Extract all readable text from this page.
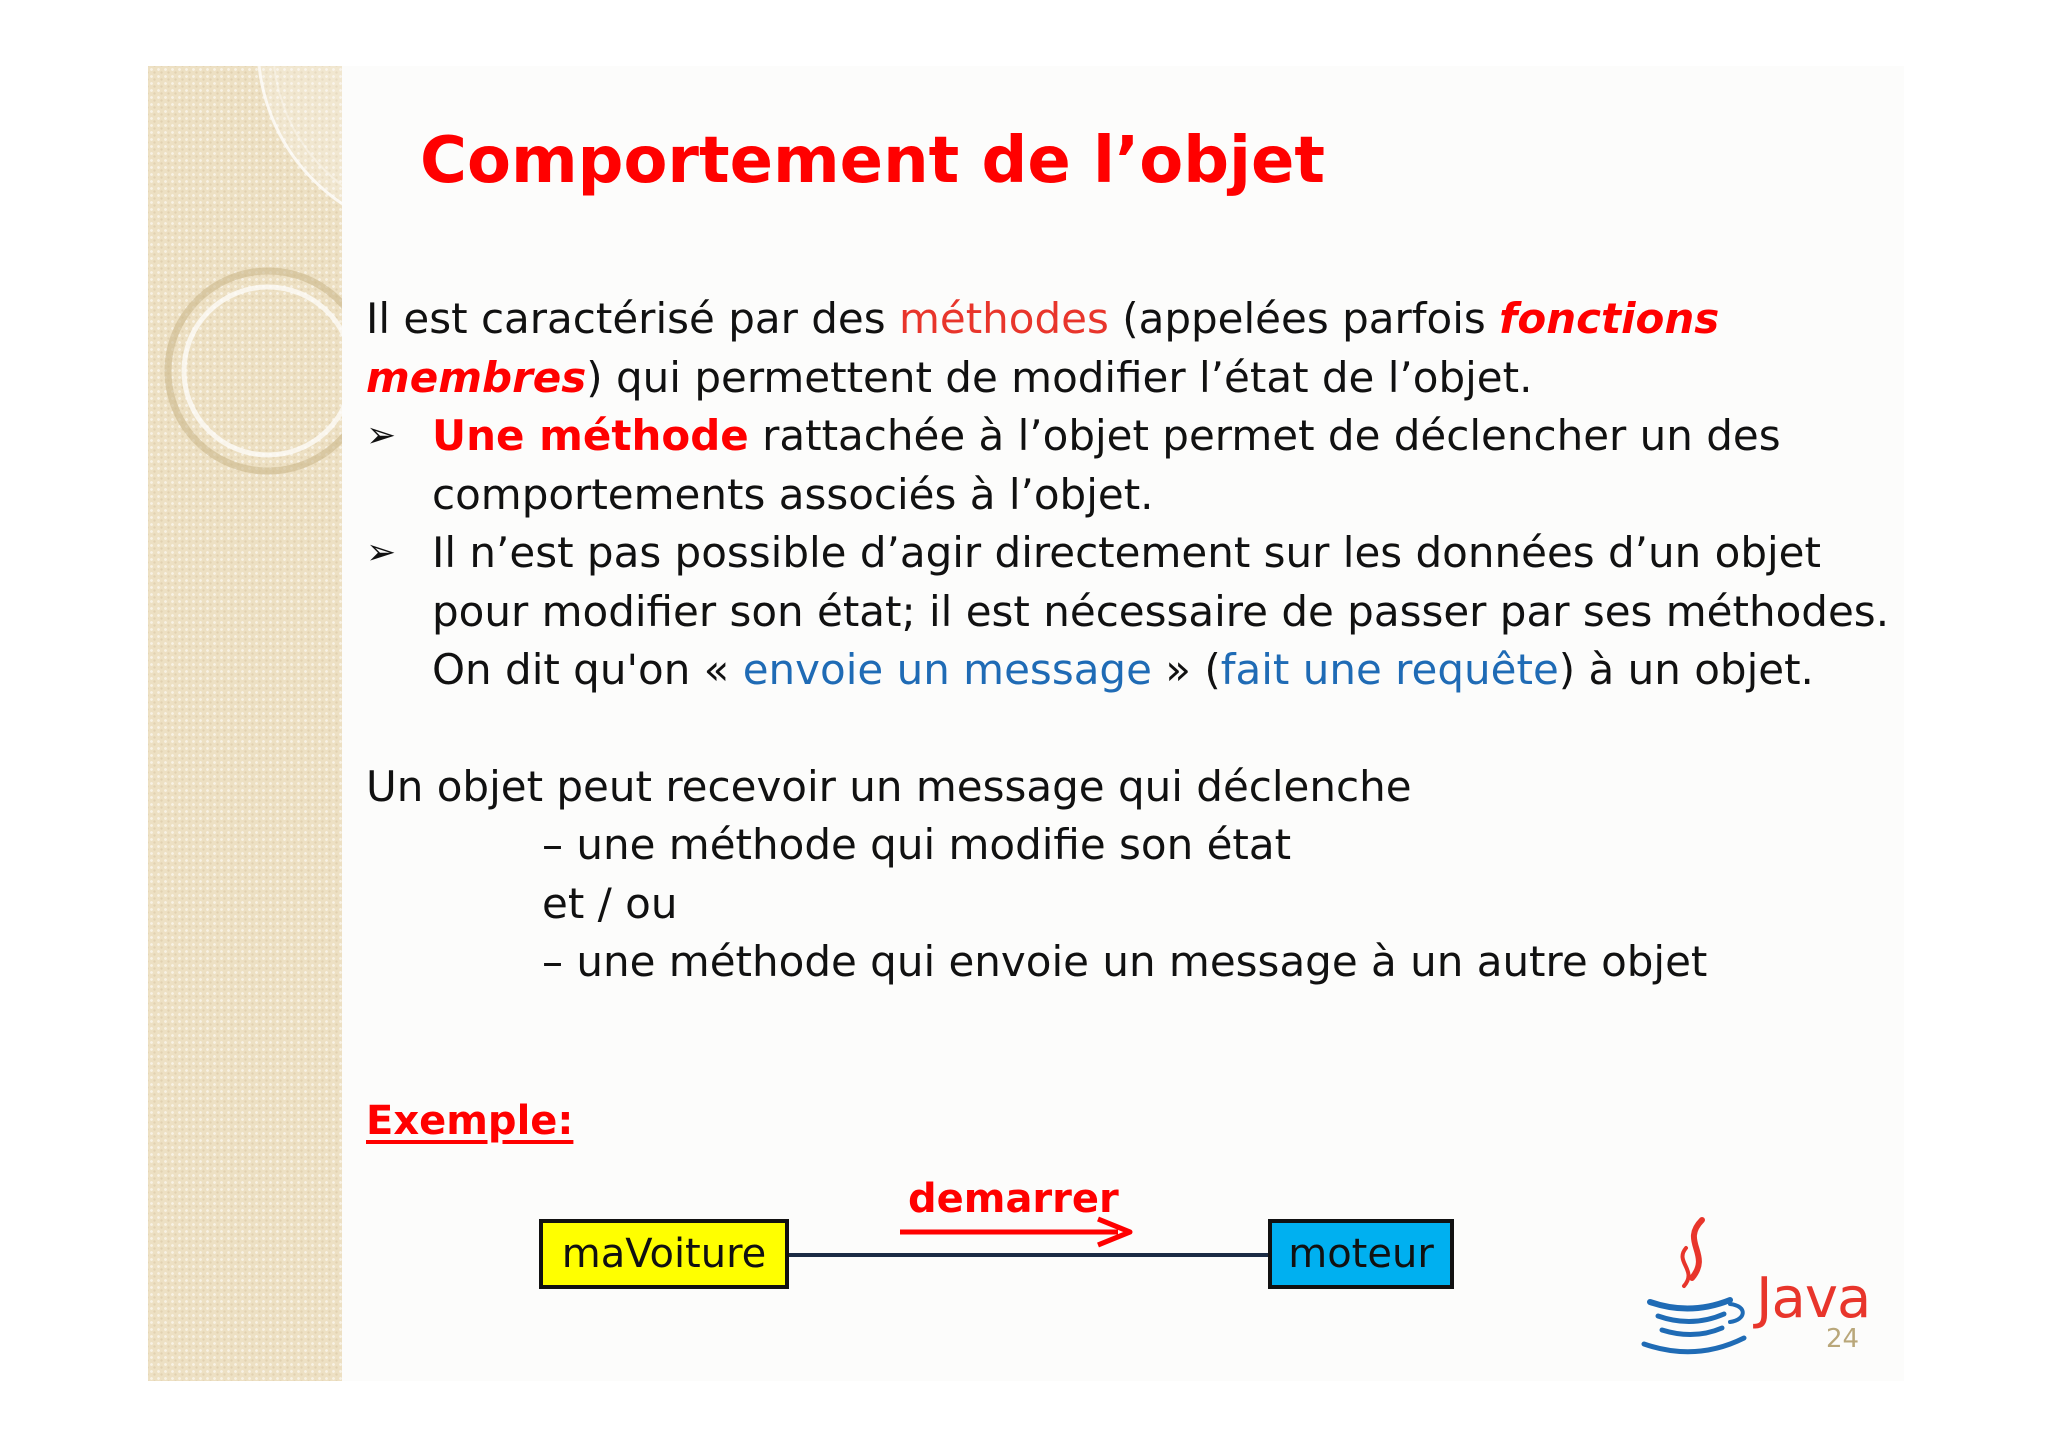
Comportement de l’objet

Il est caractérisé par des méthodes (appelées parfois fonctions membres) qui permettent de modifier l’état de l’objet.

➢ Une méthode rattachée à l’objet permet de déclencher un des comportements associés à l’objet.

➢ Il n’est pas possible d’agir directement sur les données d’un objet pour modifier son état; il est nécessaire de passer par ses méthodes. On dit qu'on « envoie un message » (fait une requête) à un objet.

Un objet peut recevoir un message qui déclenche

– une méthode qui modifie son état

et / ou

– une méthode qui envoie un message à un autre objet

Exemple:
maVoiture	moteur
demarrer
Java
24
